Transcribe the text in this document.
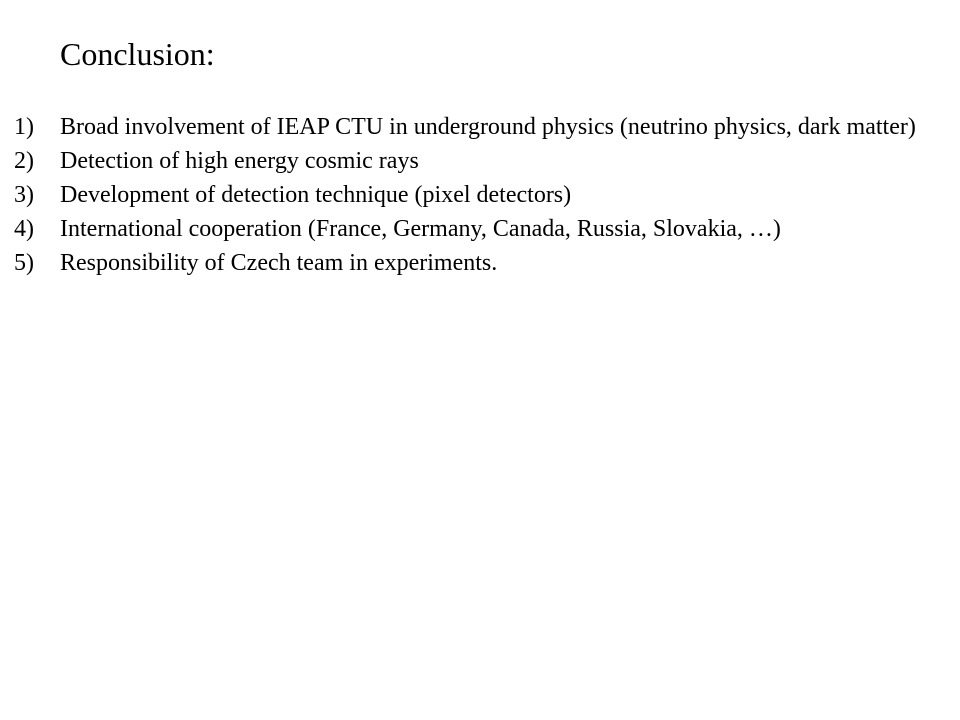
Conclusion:
1)	Broad involvement of IEAP CTU in underground physics (neutrino physics, dark matter)
2)	Detection of high energy cosmic rays
3)	Development of detection technique (pixel detectors)
4)	International cooperation (France, Germany, Canada, Russia, Slovakia, …)
5)	Responsibility of Czech team in experiments.
